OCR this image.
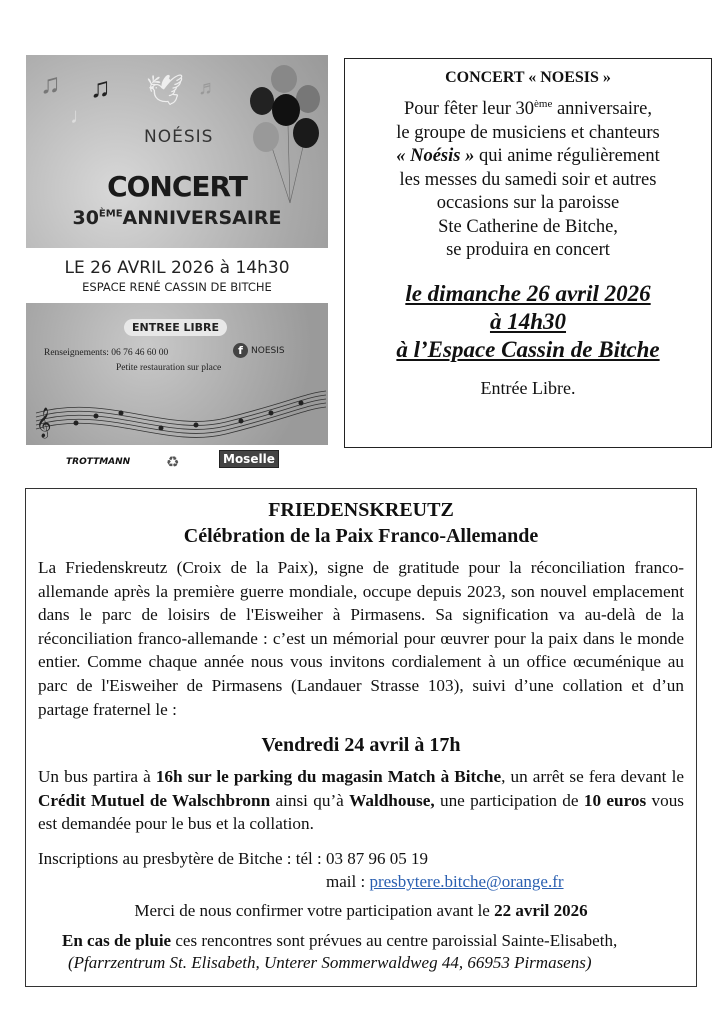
♫ ♫
♩
🕊 ♬
NOÉSIS
CONCERT
30ÈMEANNIVERSAIRE
LE 26 AVRIL 2026 à 14h30
ESPACE RENÉ CASSIN DE BITCHE
ENTREE LIBRE
Renseignements: 06 76 46 60 00	f NOESIS
Petite restauration sur place
𝄞
TROTTMANN ♻	Moselle
CONCERT « NOESIS »
Pour fêter leur 30ème anniversaire,
le groupe de musiciens et chanteurs
« Noésis » qui anime régulièrement
les messes du samedi soir et autres
occasions sur la paroisse
Ste Catherine de Bitche,
se produira en concert
le dimanche 26 avril 2026
à 14h30
à l’Espace Cassin de Bitche
Entrée Libre.
FRIEDENSKREUTZ
Célébration de la Paix Franco-Allemande
La Friedenskreutz (Croix de la Paix), signe de gratitude pour la réconciliation franco-allemande après la première guerre mondiale, occupe depuis 2023, son nouvel emplacement dans le parc de loisirs de l'Eisweiher à Pirmasens. Sa signification va au-delà de la réconciliation franco-allemande : c’est un mémorial pour œuvrer pour la paix dans le monde entier. Comme chaque année nous vous invitons cordialement à un office œcuménique au parc de l'Eisweiher de Pirmasens (Landauer Strasse 103), suivi d’une collation et d’un partage fraternel le :
Vendredi 24 avril à 17h
Un bus partira à 16h sur le parking du magasin Match à Bitche, un arrêt se fera devant le Crédit Mutuel de Walschbronn ainsi qu’à Waldhouse, une participation de 10 euros vous est demandée pour le bus et la collation.
Inscriptions au presbytère de Bitche : tél : 03 87 96 05 19
mail : presbytere.bitche@orange.fr
Merci de nous confirmer votre participation avant le 22 avril 2026
En cas de pluie ces rencontres sont prévues au centre paroissial Sainte-Elisabeth,
(Pfarrzentrum St. Elisabeth, Unterer Sommerwaldweg 44, 66953 Pirmasens)
